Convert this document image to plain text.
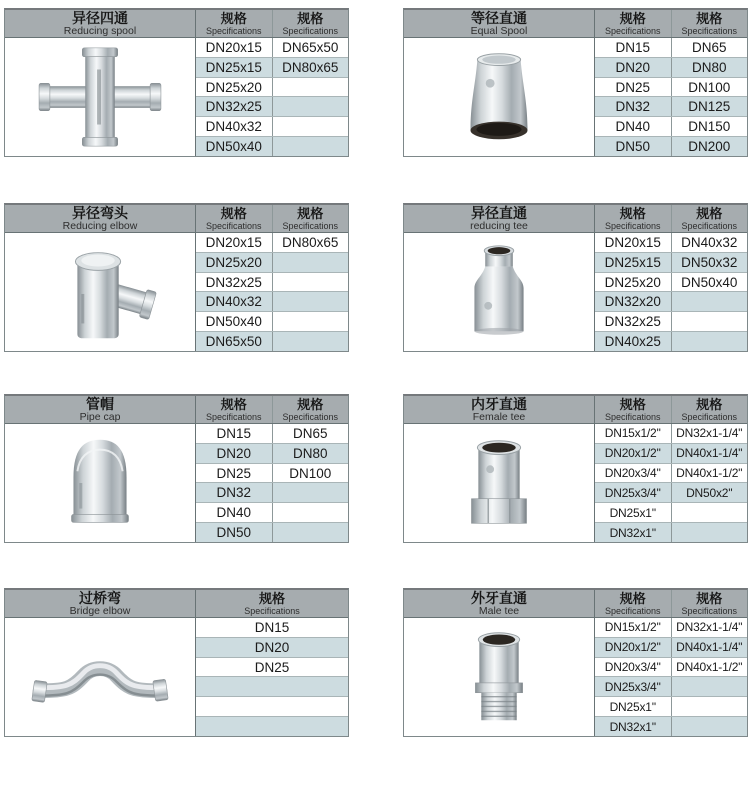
异径四通
Reducing spool
规格
Specifications
规格
Specifications
DN20x15	DN65x50
DN25x15	DN80x65
DN25x20
DN32x25
DN40x32
DN50x40
等径直通
Equal Spool
规格
Specifications
规格
Specifications
DN15	DN65
DN20	DN80
DN25	DN100
DN32	DN125
DN40	DN150
DN50	DN200
异径弯头
Reducing elbow
规格
Specifications
规格
Specifications
DN20x15	DN80x65
DN25x20
DN32x25
DN40x32
DN50x40
DN65x50
异径直通
reducing tee
规格
Specifications
规格
Specifications
DN20x15	DN40x32
DN25x15	DN50x32
DN25x20	DN50x40
DN32x20
DN32x25
DN40x25
管帽
Pipe cap
规格
Specifications
规格
Specifications
DN15	DN65
DN20	DN80
DN25	DN100
DN32
DN40
DN50
内牙直通
Female tee
规格
Specifications
规格
Specifications
DN15x1/2''	DN32x1-1/4''
DN20x1/2''	DN40x1-1/4''
DN20x3/4''	DN40x1-1/2''
DN25x3/4''	DN50x2''
DN25x1''
DN32x1''
过桥弯
Bridge elbow
规格
Specifications
DN15
DN20
DN25
外牙直通
Male tee
规格
Specifications
规格
Specifications
DN15x1/2''	DN32x1-1/4''
DN20x1/2''	DN40x1-1/4''
DN20x3/4''	DN40x1-1/2''
DN25x3/4''
DN25x1''
DN32x1''
